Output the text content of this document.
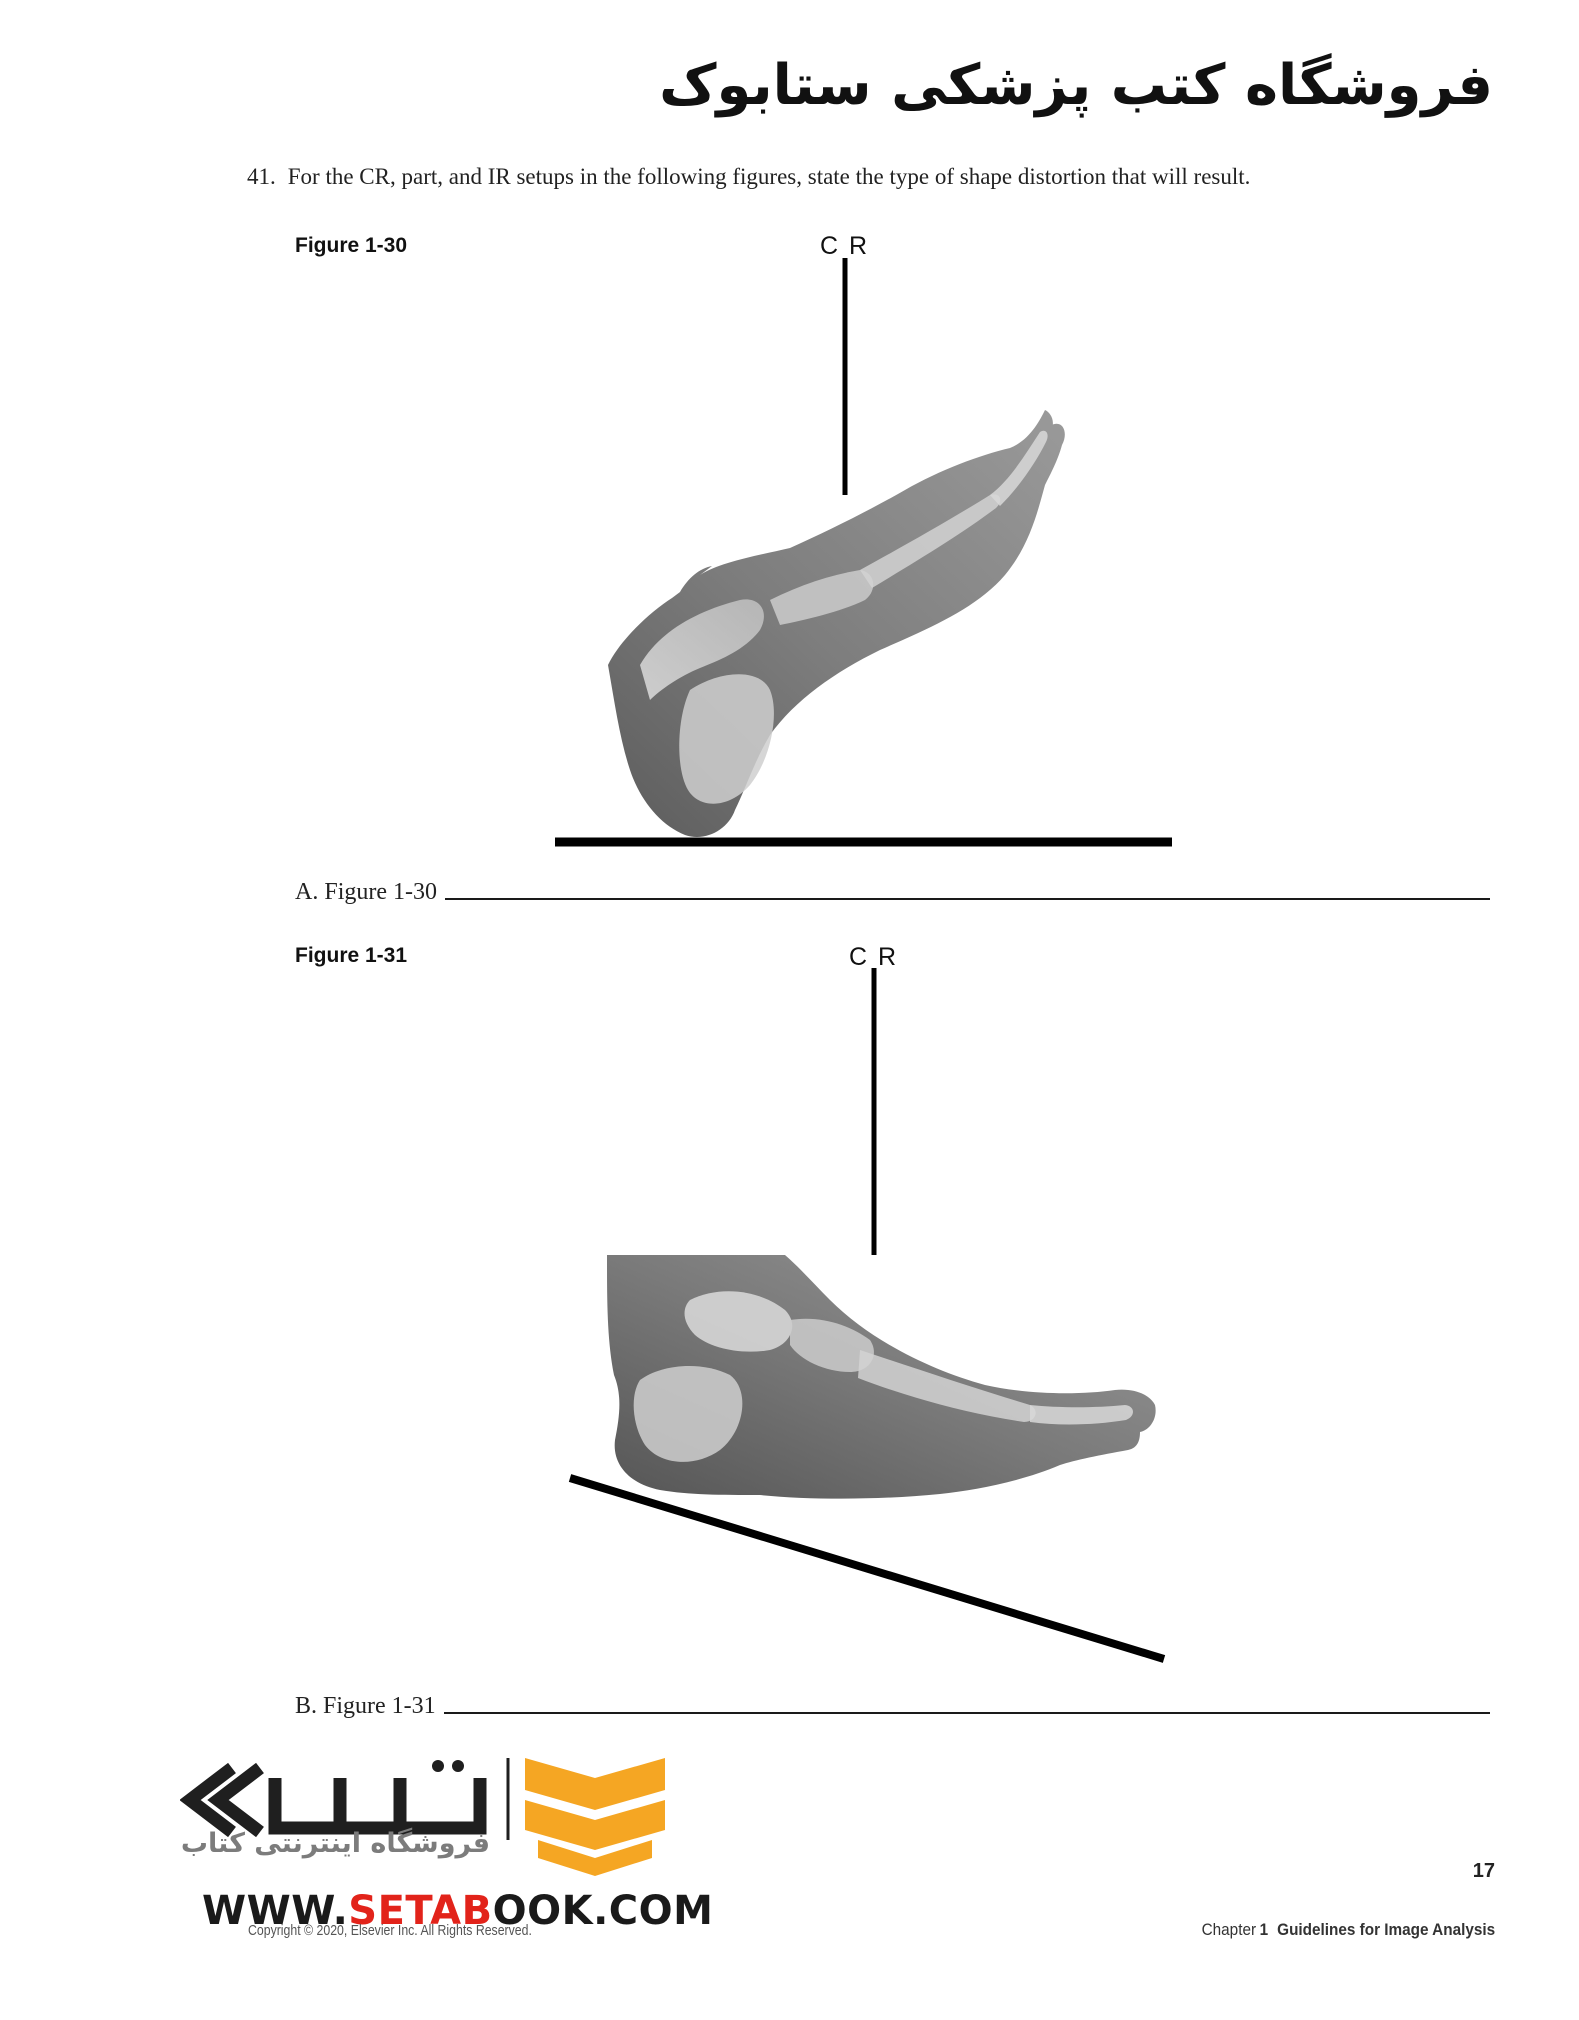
فروشگاه کتب پزشکی ستابوک
41. For the CR, part, and IR setups in the following figures, state the type of shape distortion that will result.
Figure 1-30	C R
A. Figure 1-30
Figure 1-31	C R
B. Figure 1-31
فروشگاه اینترنتی کتاب
WWW.SETABOOK.COM
Copyright © 2020, Elsevier Inc. All Rights Reserved.
17
Chapter 1 Guidelines for Image Analysis
